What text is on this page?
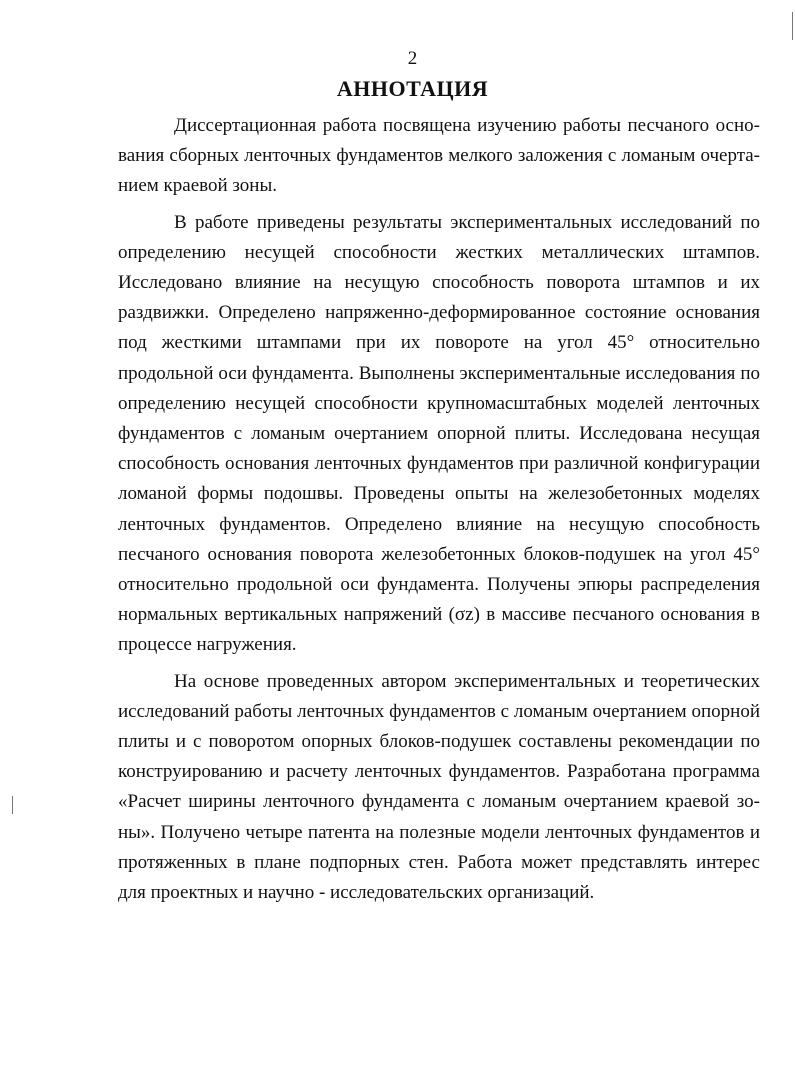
2
АННОТАЦИЯ

Диссертационная работа посвящена изучению работы песчаного основания сборных ленточных фундаментов мелкого заложения с ломаным очертанием краевой зоны.

В работе приведены результаты экспериментальных исследований по определению несущей способности жестких металлических штампов. Исследовано влияние на несущую способность поворота штампов и их раздвижки. Определено напряженно-деформированное состояние основания под жесткими штампами при их повороте на угол 45° относительно продольной оси фундамента. Выполнены экспериментальные исследования по определению несущей способности крупномасштабных моделей ленточных фундаментов с ломаным очертанием опорной плиты. Исследована несущая способность основания ленточных фундаментов при различной конфигурации ломаной формы подошвы. Проведены опыты на железобетонных моделях ленточных фундаментов. Определено влияние на несущую способность песчаного основания поворота железобетонных блоков-подушек на угол 45° относительно продольной оси фундамента. Получены эпюры распределения нормальных вертикальных напряжений (σz) в массиве песчаного основания в процессе нагружения.

На основе проведенных автором экспериментальных и теоретических исследований работы ленточных фундаментов с ломаным очертанием опорной плиты и с поворотом опорных блоков-подушек составлены рекомендации по конструированию и расчету ленточных фундаментов. Разработана программа «Расчет ширины ленточного фундамента с ломаным очертанием краевой зоны». Получено четыре патента на полезные модели ленточных фундаментов и протяженных в плане подпорных стен. Работа может представлять интерес для проектных и научно - исследовательских организаций.
